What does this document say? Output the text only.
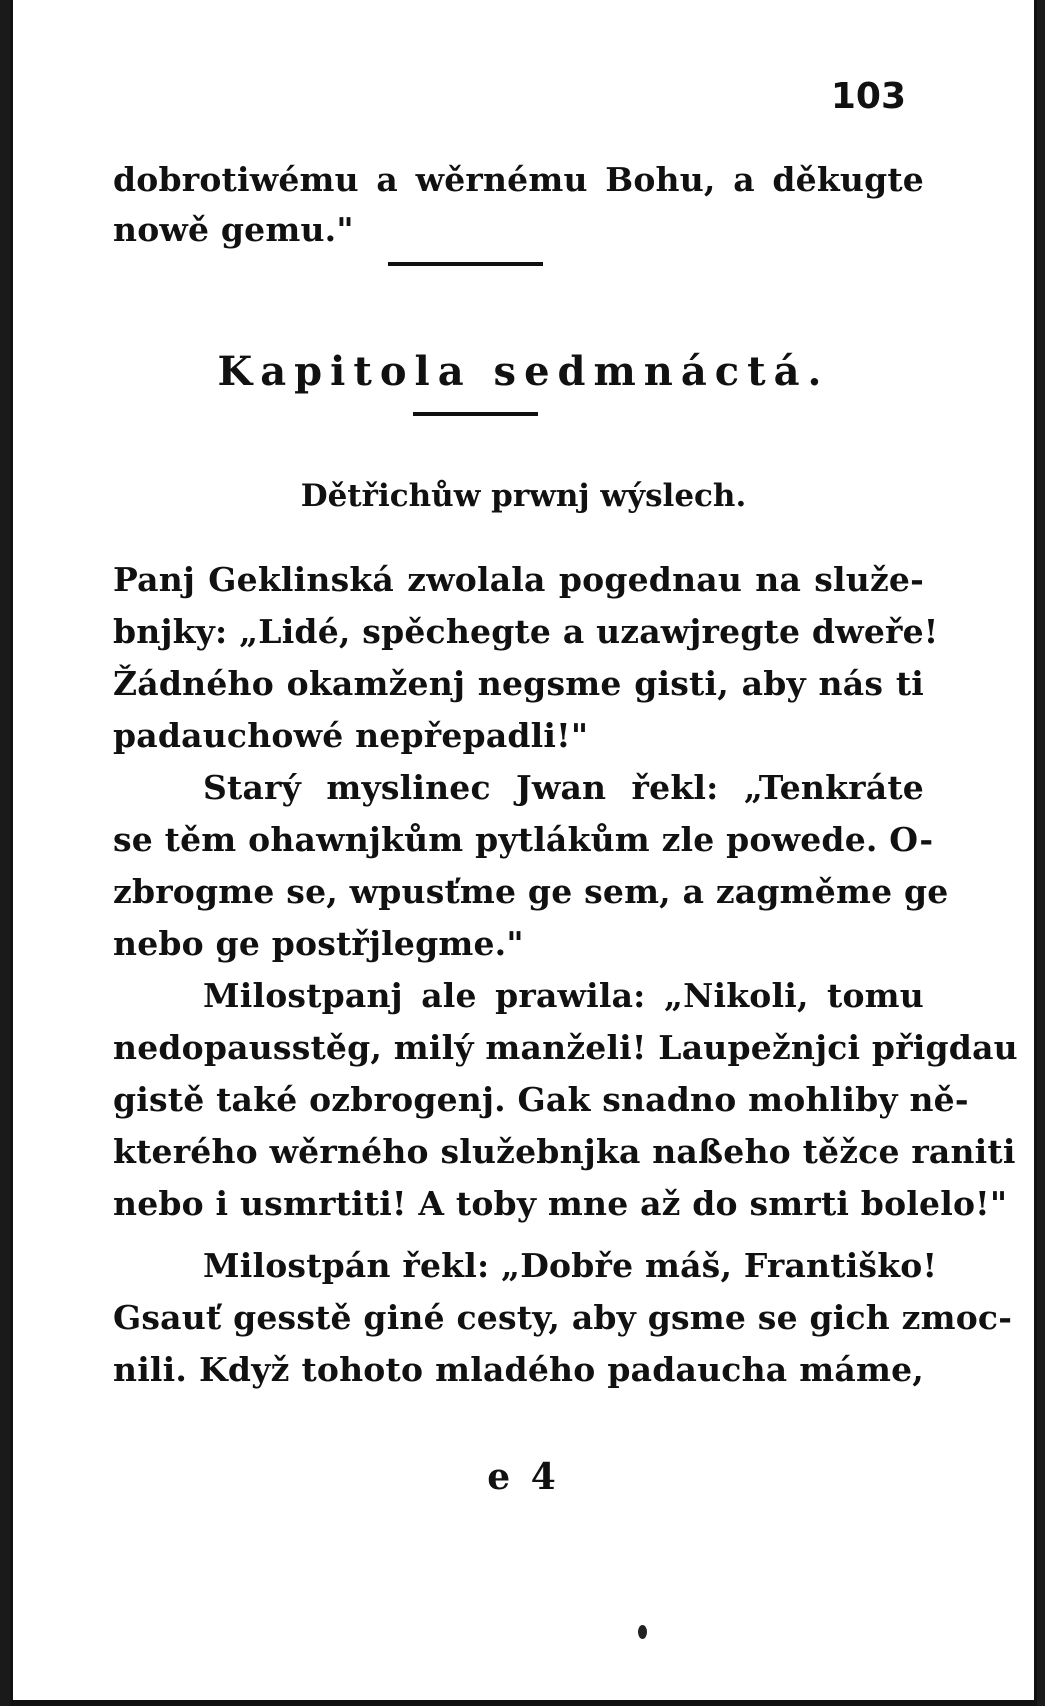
103
dobrotiwému a wěrnému Bohu, a děkugte
nowě gemu."
Kapitola sedmnáctá.
Dětřichůw prwnj wýslech.
Panj Geklinská zwolala pogednau na služe-
bnjky: „Lidé, spěchegte a uzawjregte dweře!
Žádného okamženj negsme gisti, aby nás ti
padauchowé nepřepadli!"
Starý myslinec Jwan řekl: „Tenkráte
se těm ohawnjkům pytlákům zle powede. O-
zbrogme se, wpusťme ge sem, a zagměme ge
nebo ge postřjlegme."
Milostpanj ale prawila: „Nikoli, tomu
nedopausstěg, milý manželi! Laupežnjci přigdau
gistě také ozbrogenj. Gak snadno mohliby ně-
kterého wěrného služebnjka naßeho těžce raniti
nebo i usmrtiti! A toby mne až do smrti bolelo!"
Milostpán řekl: „Dobře máš, Františko!
Gsauť gesstě giné cesty, aby gsme se gich zmoc-
nili. Když tohoto mladého padaucha máme,
e 4
